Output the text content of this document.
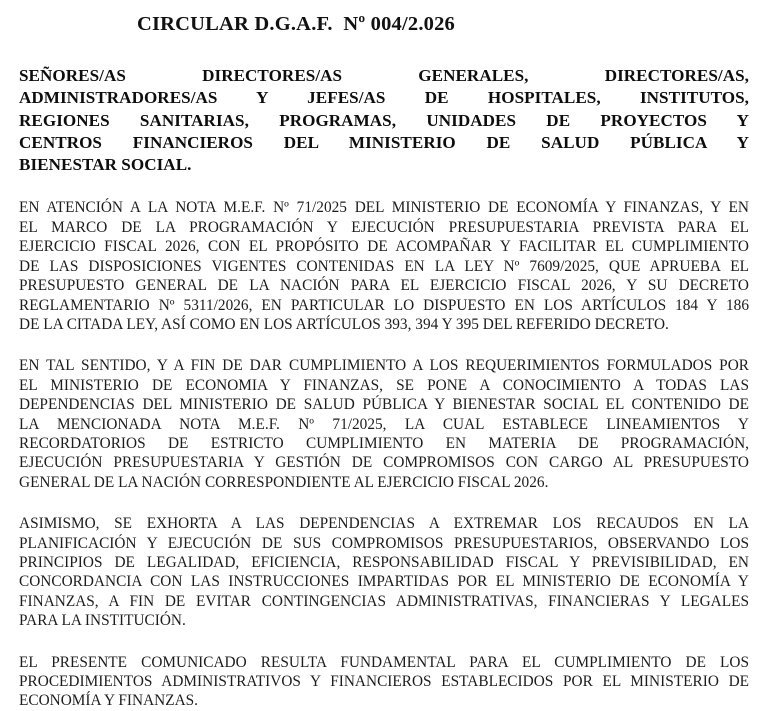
CIRCULAR D.G.A.F.  Nº 004/2.026
SEÑORES/AS DIRECTORES/AS GENERALES, DIRECTORES/AS,
ADMINISTRADORES/AS Y JEFES/AS DE HOSPITALES, INSTITUTOS,
REGIONES SANITARIAS, PROGRAMAS, UNIDADES DE PROYECTOS Y
CENTROS FINANCIEROS DEL MINISTERIO DE SALUD PÚBLICA Y
BIENESTAR SOCIAL.

EN ATENCIÓN A LA NOTA M.E.F. Nº 71/2025 DEL MINISTERIO DE ECONOMÍA Y FINANZAS, Y EN
EL MARCO DE LA PROGRAMACIÓN Y EJECUCIÓN PRESUPUESTARIA PREVISTA PARA EL
EJERCICIO FISCAL 2026, CON EL PROPÓSITO DE ACOMPAÑAR Y FACILITAR EL CUMPLIMIENTO
DE LAS DISPOSICIONES VIGENTES CONTENIDAS EN LA LEY Nº 7609/2025, QUE APRUEBA EL
PRESUPUESTO GENERAL DE LA NACIÓN PARA EL EJERCICIO FISCAL 2026, Y SU DECRETO
REGLAMENTARIO Nº 5311/2026, EN PARTICULAR LO DISPUESTO EN LOS ARTÍCULOS 184 Y 186
DE LA CITADA LEY, ASÍ COMO EN LOS ARTÍCULOS 393, 394 Y 395 DEL REFERIDO DECRETO.

EN TAL SENTIDO, Y A FIN DE DAR CUMPLIMIENTO A LOS REQUERIMIENTOS FORMULADOS POR
EL MINISTERIO DE ECONOMIA Y FINANZAS, SE PONE A CONOCIMIENTO A TODAS LAS
DEPENDENCIAS DEL MINISTERIO DE SALUD PÚBLICA Y BIENESTAR SOCIAL EL CONTENIDO DE
LA MENCIONADA NOTA M.E.F. Nº 71/2025, LA CUAL ESTABLECE LINEAMIENTOS Y
RECORDATORIOS DE ESTRICTO CUMPLIMIENTO EN MATERIA DE PROGRAMACIÓN,
EJECUCIÓN PRESUPUESTARIA Y GESTIÓN DE COMPROMISOS CON CARGO AL PRESUPUESTO
GENERAL DE LA NACIÓN CORRESPONDIENTE AL EJERCICIO FISCAL 2026.

ASIMISMO, SE EXHORTA A LAS DEPENDENCIAS A EXTREMAR LOS RECAUDOS EN LA
PLANIFICACIÓN Y EJECUCIÓN DE SUS COMPROMISOS PRESUPUESTARIOS, OBSERVANDO LOS
PRINCIPIOS DE LEGALIDAD, EFICIENCIA, RESPONSABILIDAD FISCAL Y PREVISIBILIDAD, EN
CONCORDANCIA CON LAS INSTRUCCIONES IMPARTIDAS POR EL MINISTERIO DE ECONOMÍA Y
FINANZAS, A FIN DE EVITAR CONTINGENCIAS ADMINISTRATIVAS, FINANCIERAS Y LEGALES
PARA LA INSTITUCIÓN.

EL PRESENTE COMUNICADO RESULTA FUNDAMENTAL PARA EL CUMPLIMIENTO DE LOS
PROCEDIMIENTOS ADMINISTRATIVOS Y FINANCIEROS ESTABLECIDOS POR EL MINISTERIO DE
ECONOMÍA Y FINANZAS.
